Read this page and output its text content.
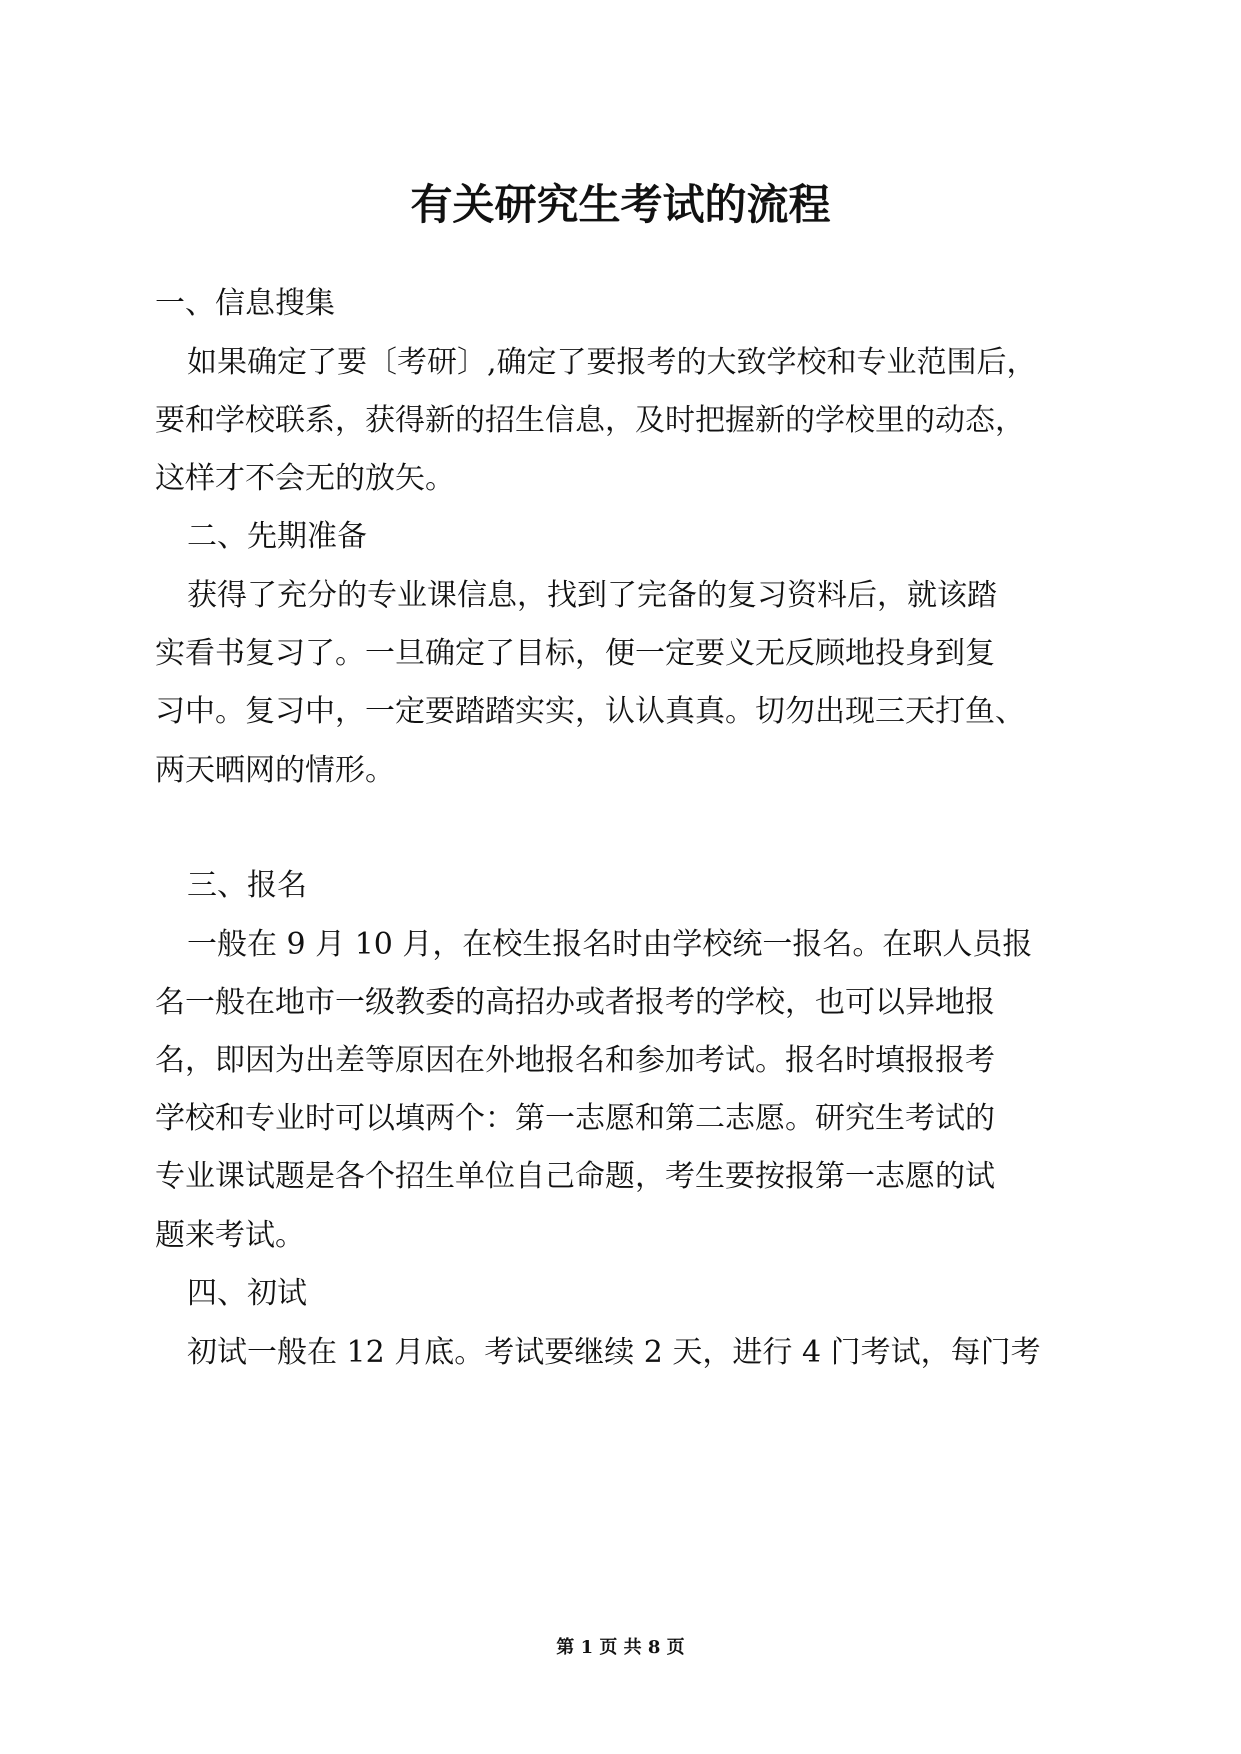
有关研究生考试的流程

一、信息搜集

如果确定了要〔考研〕,确定了要报考的大致学校和专业范围后，

要和学校联系，获得新的招生信息，及时把握新的学校里的动态，

这样才不会无的放矢。

二、先期准备

获得了充分的专业课信息，找到了完备的复习资料后，就该踏

实看书复习了。一旦确定了目标，便一定要义无反顾地投身到复

习中。复习中，一定要踏踏实实，认认真真。切勿出现三天打鱼、

两天晒网的情形。

三、报名

一般在 9 月 10 月，在校生报名时由学校统一报名。在职人员报

名一般在地市一级教委的高招办或者报考的学校，也可以异地报

名，即因为出差等原因在外地报名和参加考试。报名时填报报考

学校和专业时可以填两个：第一志愿和第二志愿。研究生考试的

专业课试题是各个招生单位自己命题，考生要按报第一志愿的试

题来考试。

四、初试

初试一般在 12 月底。考试要继续 2 天，进行 4 门考试，每门考

第 1 页 共 8 页
